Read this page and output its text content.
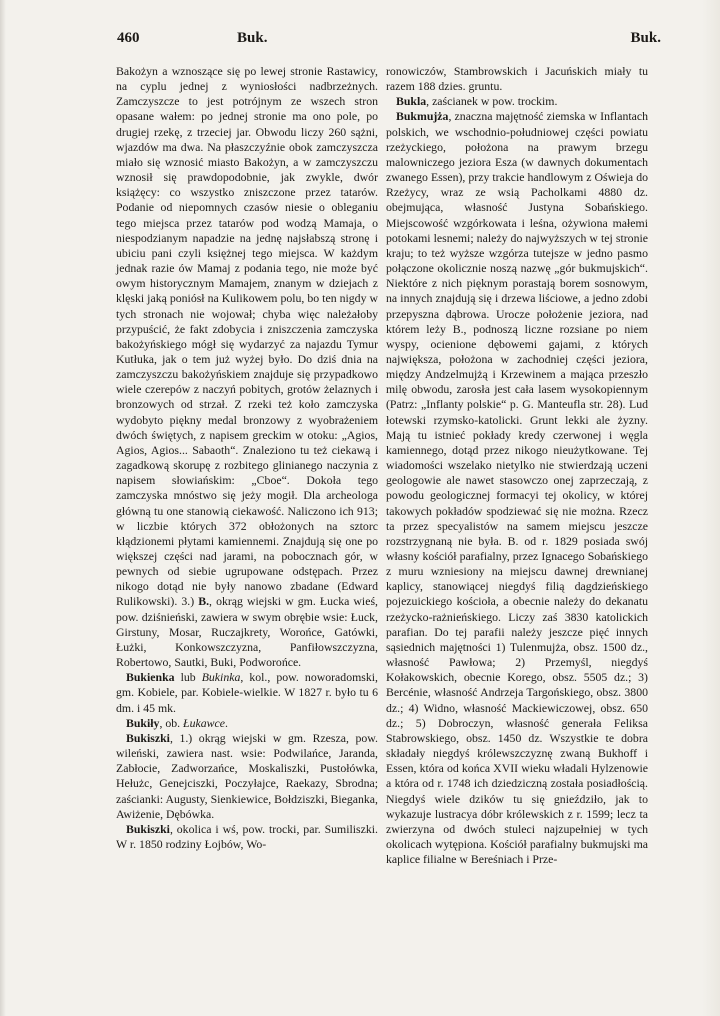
460	Buk.	Buk.

Bakożyn a wznoszące się po lewej stronie Rastawicy, na cyplu jednej z wyniosłości nadbrzeżnych. Zamczyszcze to jest potrójnym ze wszech stron opasane wałem: po jednej stronie ma ono pole, po drugiej rzekę, z trzeciej jar. Obwodu liczy 260 sążni, wjazdów ma dwa. Na płaszczyźnie obok zamczyszcza miało się wznosić miasto Bakożyn, a w zamczyszczu wznosił się prawdopodobnie, jak zwykle, dwór książęcy: co wszystko zniszczone przez tatarów. Podanie od niepomnych czasów niesie o obleganiu tego miejsca przez tatarów pod wodzą Mamaja, o niespodzianym napadzie na jednę najsłabszą stronę i ubiciu pani czyli księżnej tego miejsca. W każdym jednak razie ów Mamaj z podania tego, nie może być owym historycznym Mamajem, znanym w dziejach z klęski jaką poniósł na Kulikowem polu, bo ten nigdy w tych stronach nie wojował; chyba więc należałoby przypuścić, że fakt zdobycia i zniszczenia zamczyska bakożyńskiego mógł się wydarzyć za najazdu Tymur Kutłuka, jak o tem już wyżej było. Do dziś dnia na zamczyszczu bakożyńskiem znajduje się przypadkowo wiele czerepów z naczyń pobitych, grotów żelaznych i bronzowych od strzał. Z rzeki też koło zamczyska wydobyto piękny medal bronzowy z wyobrażeniem dwóch świętych, z napisem greckim w otoku: „Agios, Agios, Agios... Sabaoth“. Znaleziono tu też ciekawą i zagadkową skorupę z rozbitego glinianego naczynia z napisem słowiańskim: „Cboe“. Dokoła tego zamczyska mnóstwo się jeży mogił. Dla archeologa główną tu one stanowią ciekawość. Naliczono ich 913; w liczbie których 372 obłożonych na sztorc kłądzionemi płytami kamiennemi. Znajdują się one po większej części nad jarami, na pobocznach gór, w pewnych od siebie ugrupowane odstępach. Przez nikogo dotąd nie były nanowo zbadane (Edward Rulikowski). 3.) B., okrąg wiejski w gm. Łucka wieś, pow. dziśnieński, zawiera w swym obrębie wsie: Łuck, Girstuny, Mosar, Ruczajkrety, Worońce, Gatówki, Łużki, Konkowszczyzna, Panfiłowszczyzna, Robertowo, Sautki, Buki, Podworońce.

Bukienka lub Bukinka, kol., pow. noworadomski, gm. Kobiele, par. Kobiele-wielkie. W 1827 r. było tu 6 dm. i 45 mk.

Bukiły, ob. Łukawce.

Bukiszki, 1.) okrąg wiejski w gm. Rzesza, pow. wileński, zawiera nast. wsie: Podwilańce, Jaranda, Zabłocie, Zadworzańce, Moskaliszki, Pustołówka, Hełużc, Genejciszki, Poczyłajce, Raekazy, Sbrodna; zaścianki: Augusty, Sienkiewice, Bołdziszki, Bieganka, Awiżenie, Dębówka.

Bukiszki, okolica i wś, pow. trocki, par. Sumiliszki. W r. 1850 rodziny Łojbów, Wo-

ronowiczów, Stambrowskich i Jacuńskich miały tu razem 188 dzies. gruntu.

Bukla, zaścianek w pow. trockim.

Bukmujża, znaczna majętność ziemska w Inflantach polskich, we wschodnio-południowej części powiatu rzeżyckiego, położona na prawym brzegu malowniczego jeziora Esza (w dawnych dokumentach zwanego Essen), przy trakcie handlowym z Oświeja do Rzeżycy, wraz ze wsią Pacholkami 4880 dz. obejmująca, własność Justyna Sobańskiego. Miejscowość wzgórkowata i leśna, ożywiona małemi potokami lesnemi; należy do najwyższych w tej stronie kraju; to też wyższe wzgórza tutejsze w jedno pasmo połączone okolicznie noszą nazwę „gór bukmujskich“. Niektóre z nich pięknym porastają borem sosnowym, na innych znajdują się i drzewa liściowe, a jedno zdobi przepyszna dąbrowa. Urocze położenie jeziora, nad którem leży B., podnoszą liczne rozsiane po niem wyspy, ocienione dębowemi gajami, z których największa, położona w zachodniej części jeziora, między Andzelmujżą i Krzewinem a mająca przeszło milę obwodu, zarosła jest cała lasem wysokopiennym (Patrz: „Inflanty polskie“ p. G. Manteufla str. 28). Lud łotewski rzymsko-katolicki. Grunt lekki ale żyzny. Mają tu istnieć pokłady kredy czerwonej i węgla kamiennego, dotąd przez nikogo nieużytkowane. Tej wiadomości wszelako nietylko nie stwierdzają uczeni geologowie ale nawet stasowczo onej zaprzeczają, z powodu geologicznej formacyi tej okolicy, w której takowych pokładów spodziewać się nie można. Rzecz ta przez specyalistów na samem miejscu jeszcze rozstrzygnaną nie była. B. od r. 1829 posiada swój własny kościół parafialny, przez Ignacego Sobańskiego z muru wzniesiony na miejscu dawnej drewnianej kaplicy, stanowiącej niegdyś filią dagdzieńskiego pojezuickiego kościoła, a obecnie należy do dekanatu rzeżycko-rażnieńskiego. Liczy zaś 3830 katolickich parafian. Do tej parafii należy jeszcze pięć innych sąsiednich majętności 1) Tulenmujża, obsz. 1500 dz., własność Pawłowa; 2) Przemyśl, niegdyś Kołakowskich, obecnie Korego, obsz. 5505 dz.; 3) Bercénie, własność Andrzeja Targońskiego, obsz. 3800 dz.; 4) Widno, własność Mackiewiczowej, obsz. 650 dz.; 5) Dobroczyn, własność generała Feliksa Stabrowskiego, obsz. 1450 dz. Wszystkie te dobra składały niegdyś królewszczyznę zwaną Bukhoff i Essen, która od końca XVII wieku władali Hylzenowie a która od r. 1748 ich dziedziczną została posiadłością. Niegdyś wiele dzików tu się gnieździło, jak to wykazuje lustracya dóbr królewskich z r. 1599; lecz ta zwierzyna od dwóch stuleci najzupełniej w tych okolicach wytępiona. Kościół parafialny bukmujski ma kaplice filialne w Bereśniach i Prze-
